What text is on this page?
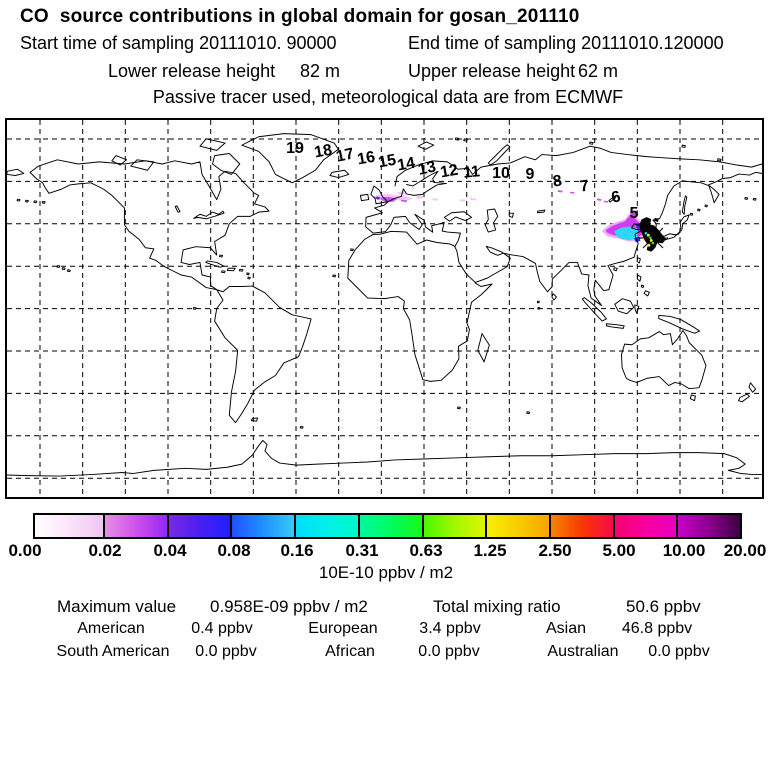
CO  source contributions in global domain for gosan_201110
Start time of sampling 20111010. 90000	End time of sampling 20111010.120000
Lower release height 82 m	Upper release height 62 m
Passive tracer used, meteorological data are from ECMWF
19 18 17 16 15
14 13 12 11 10 9 8 7
6
5
0.00	0.02 0.04 0.08 0.16 0.31 0.63 1.25 2.50 5.00 10.00 20.00
10E-10 ppbv / m2
Maximum value 0.958E-09 ppbv / m2	Total mixing ratio	50.6 ppbv
American	0.4 ppbv	European	3.4 ppbv	Asian 46.8 ppbv
South American 0.0 ppbv	African	0.0 ppbv	Australian 0.0 ppbv
